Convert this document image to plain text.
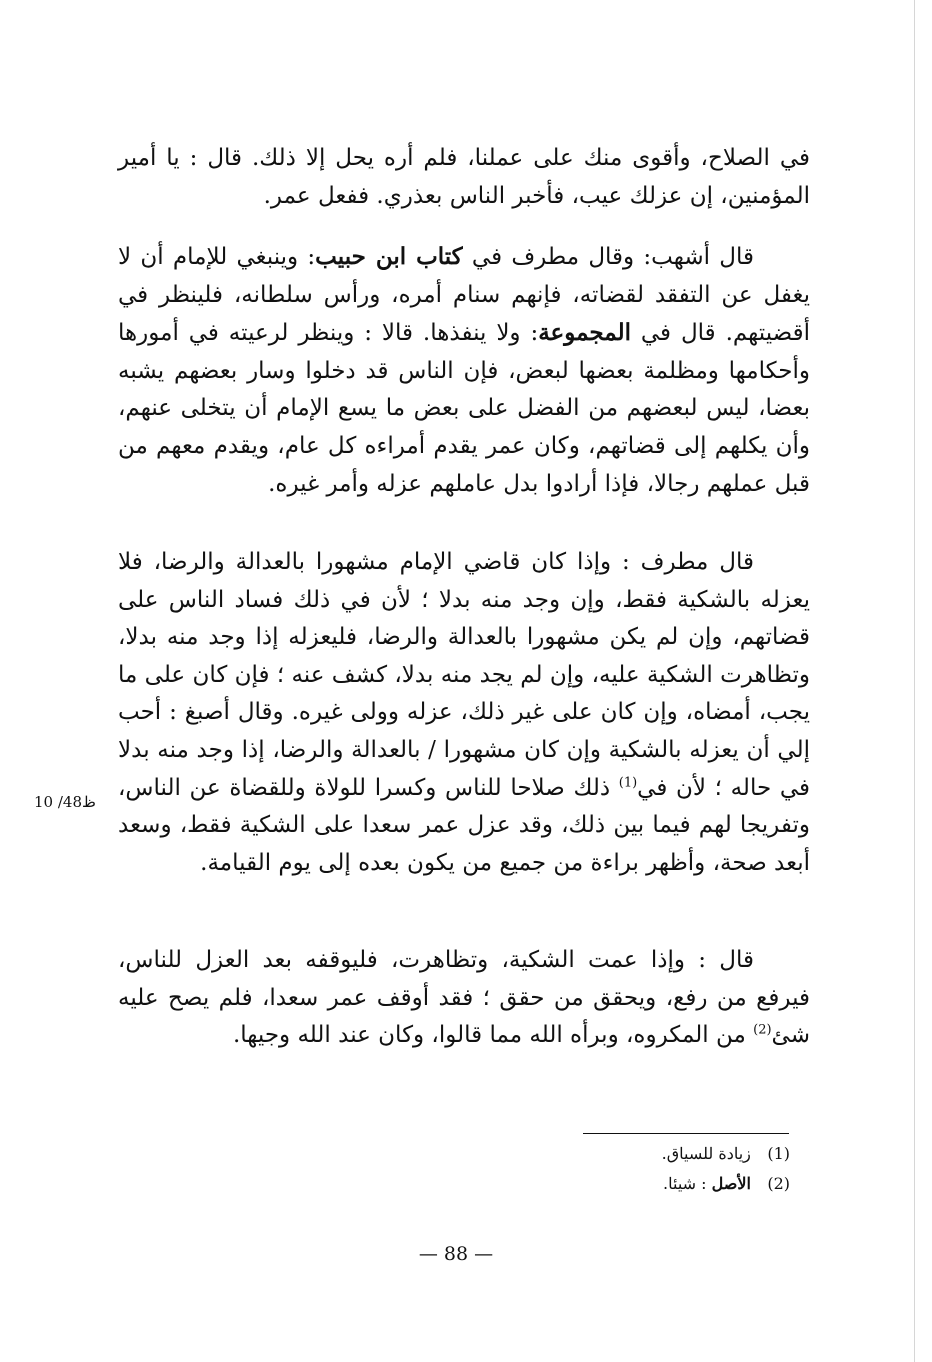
في الصلاح، وأقوى منك على عملنا، فلم أره يحل إلا ذلك. قال : يا أمير المؤمنين، إن عزلك عيب، فأخبر الناس بعذري. ففعل عمر.

قال أشهب: وقال مطرف في كتاب ابن حبيب: وينبغي للإمام أن لا يغفل عن التفقد لقضاته، فإنهم سنام أمره، ورأس سلطانه، فلينظر في أقضيتهم. قال في المجموعة: ولا ينفذها. قالا : وينظر لرعيته في أمورها وأحكامها ومظلمة بعضها لبعض، فإن الناس قد دخلوا وسار بعضهم يشبه بعضا، ليس لبعضهم من الفضل على بعض ما يسع الإمام أن يتخلى عنهم، وأن يكلهم إلى قضاتهم، وكان عمر يقدم أمراءه كل عام، ويقدم معهم من قبل عملهم رجالا، فإذا أرادوا بدل عاملهم عزله وأمر غيره.

قال مطرف : وإذا كان قاضي الإمام مشهورا بالعدالة والرضا، فلا يعزله بالشكية فقط، وإن وجد منه بدلا ؛ لأن في ذلك فساد الناس على قضاتهم، وإن لم يكن مشهورا بالعدالة والرضا، فليعزله إذا وجد منه بدلا، وتظاهرت الشكية عليه، وإن لم يجد منه بدلا، كشف عنه ؛ فإن كان على ما يجب، أمضاه، وإن كان على غير ذلك، عزله وولى غيره. وقال أصبغ : أحب إلي أن يعزله بالشكية وإن كان مشهورا / بالعدالة والرضا، إذا وجد منه بدلا في حاله ؛ لأن في$^{(1)}$ ذلك صلاحا للناس وكسرا للولاة وللقضاة عن الناس، وتفريجا لهم فيما بين ذلك، وقد عزل عمر سعدا على الشكية فقط، وسعد أبعد صحة، وأظهر براءة من جميع من يكون بعده إلى يوم القيامة.

10 /48ظ

قال : وإذا عمت الشكية، وتظاهرت، فليوقفه بعد العزل للناس، فيرفع من رفع، ويحقق من حقق ؛ فقد أوقف عمر سعدا، فلم يصح عليه شئ$^{(2)}$ من المكروه، وبرأه الله مما قالوا، وكان عند الله وجيها.

(1) زيادة للسياق.
(2) الأصل : شيئا.
— 88 —
